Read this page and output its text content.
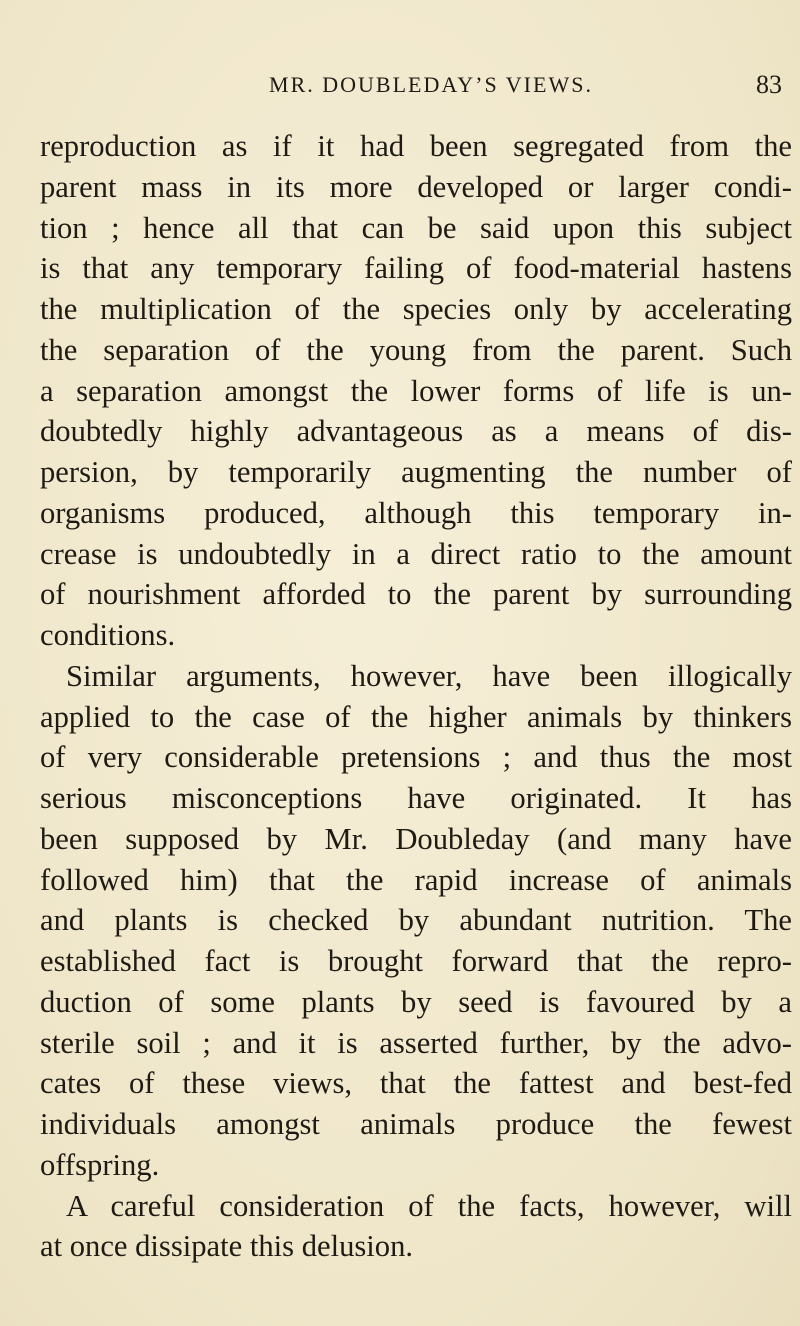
MR. DOUBLEDAY’S VIEWS.	83
reproduction as if it had been segregated from the
parent mass in its more developed or larger condi-
tion ; hence all that can be said upon this subject
is that any temporary failing of food-material hastens
the multiplication of the species only by accelerating
the separation of the young from the parent. Such
a separation amongst the lower forms of life is un-
doubtedly highly advantageous as a means of dis-
persion, by temporarily augmenting the number of
organisms produced, although this temporary in-
crease is undoubtedly in a direct ratio to the amount
of nourishment afforded to the parent by surrounding
conditions.
Similar arguments, however, have been illogically
applied to the case of the higher animals by thinkers
of very considerable pretensions ; and thus the most
serious misconceptions have originated. It has
been supposed by Mr. Doubleday (and many have
followed him) that the rapid increase of animals
and plants is checked by abundant nutrition. The
established fact is brought forward that the repro-
duction of some plants by seed is favoured by a
sterile soil ; and it is asserted further, by the advo-
cates of these views, that the fattest and best-fed
individuals amongst animals produce the fewest
offspring.
A careful consideration of the facts, however, will
at once dissipate this delusion.
